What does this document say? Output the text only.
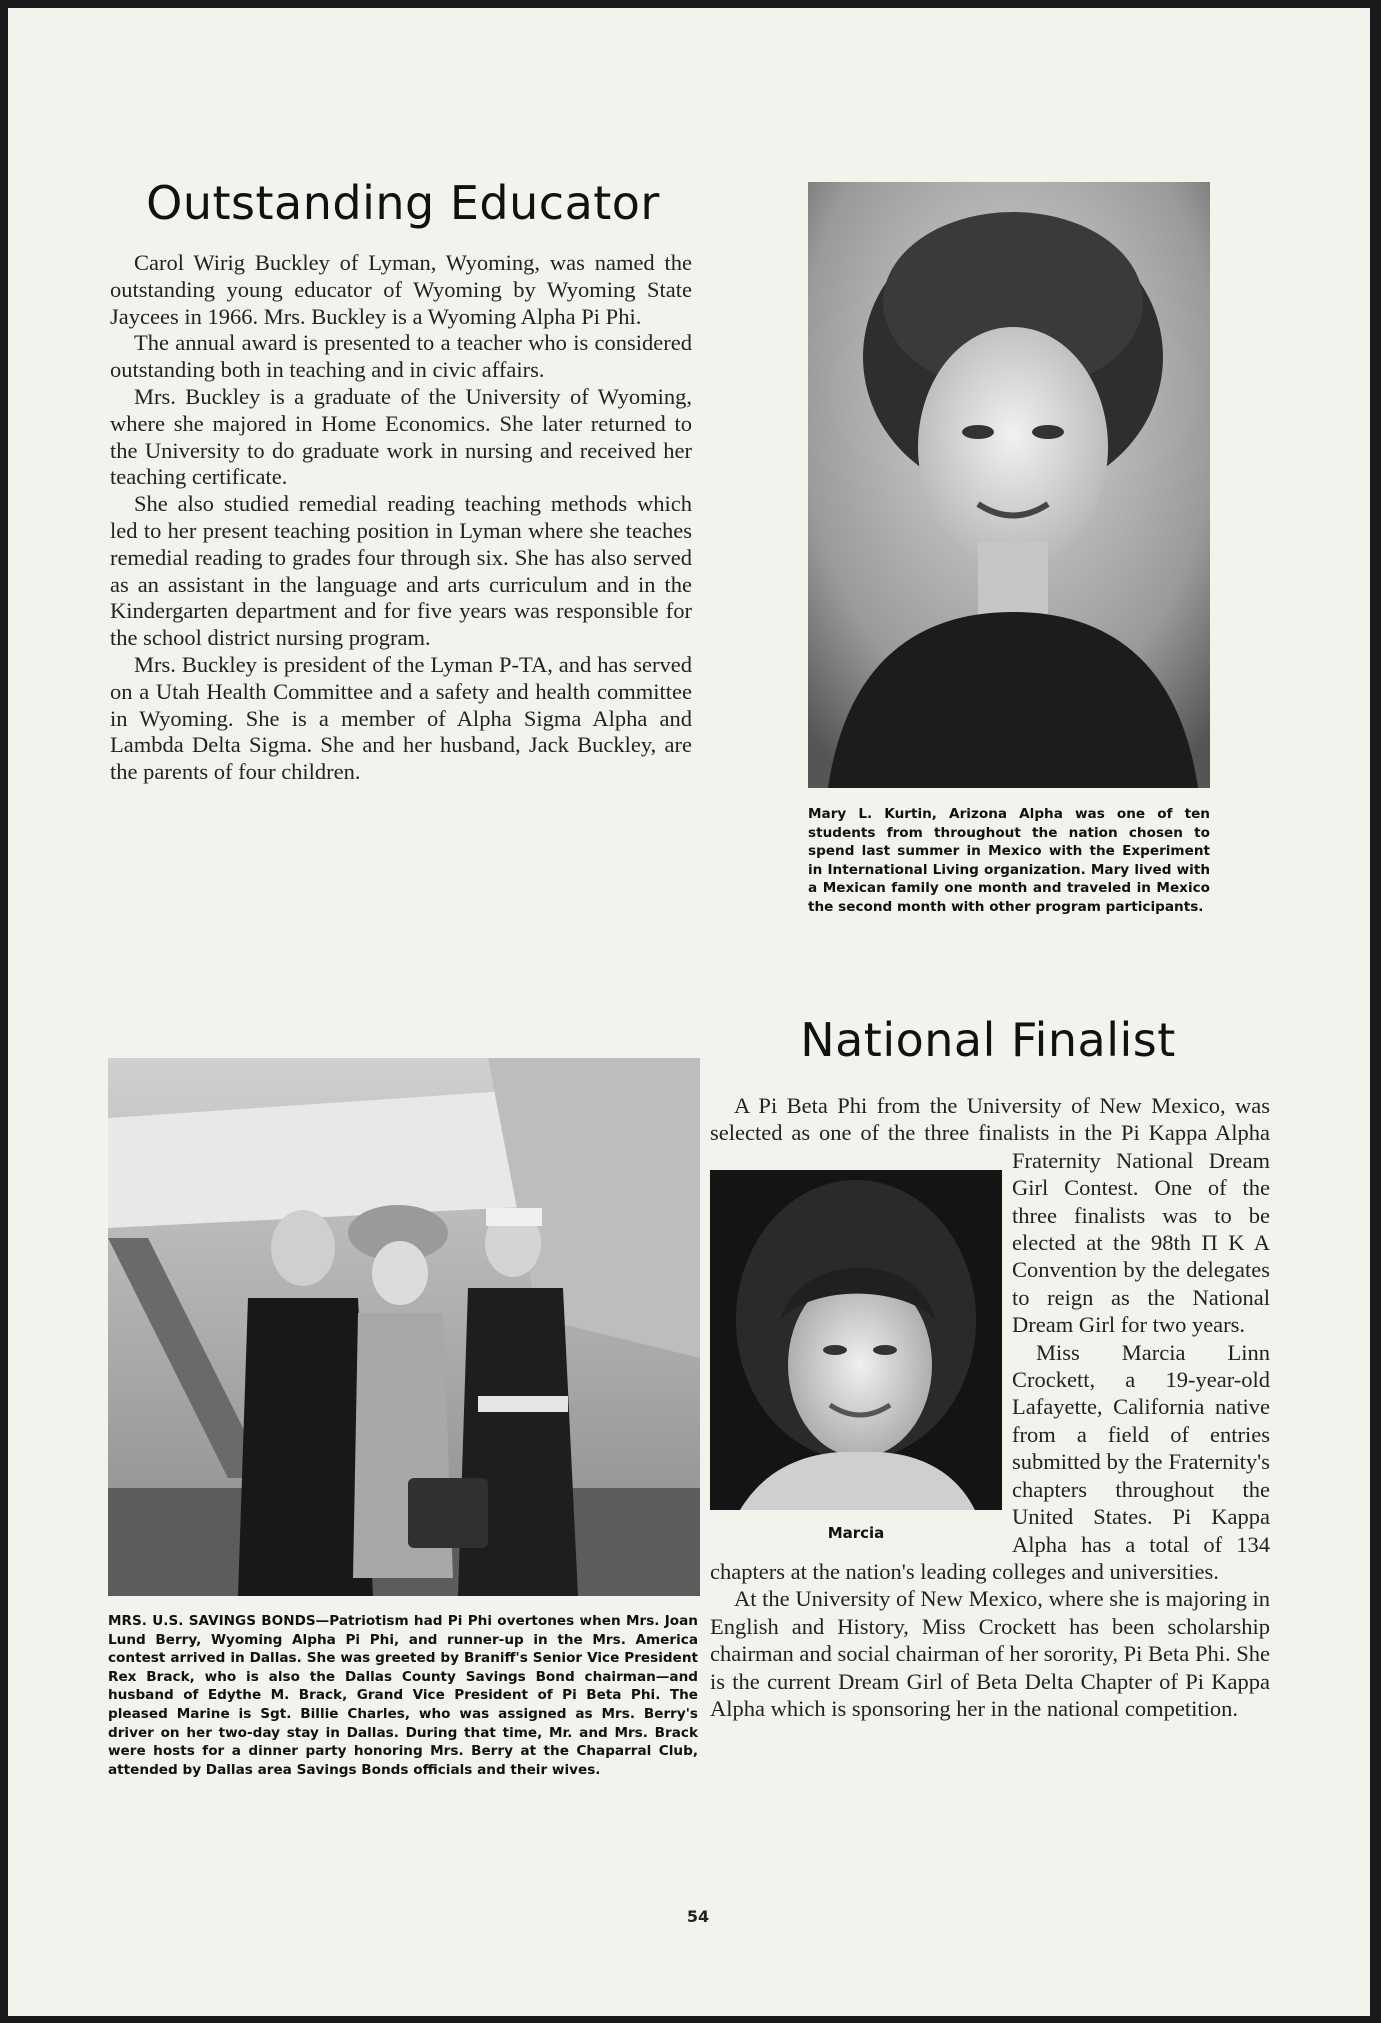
Outstanding Educator

Carol Wirig Buckley of Lyman, Wyoming, was named the outstanding young educator of Wyoming by Wyoming State Jaycees in 1966. Mrs. Buckley is a Wyoming Alpha Pi Phi.

The annual award is presented to a teacher who is considered outstanding both in teaching and in civic affairs.

Mrs. Buckley is a graduate of the University of Wyoming, where she majored in Home Economics. She later returned to the University to do graduate work in nursing and received her teaching certificate.

She also studied remedial reading teaching methods which led to her present teaching position in Lyman where she teaches remedial reading to grades four through six. She has also served as an assistant in the language and arts curriculum and in the Kindergarten department and for five years was responsible for the school district nursing program.

Mrs. Buckley is president of the Lyman P-TA, and has served on a Utah Health Committee and a safety and health committee in Wyoming. She is a member of Alpha Sigma Alpha and Lambda Delta Sigma. She and her husband, Jack Buckley, are the parents of four children.

Mary L. Kurtin, Arizona Alpha was one of ten students from throughout the nation chosen to spend last summer in Mexico with the Experiment in International Living organization. Mary lived with a Mexican family one month and traveled in Mexico the second month with other program participants.
National Finalist
MRS. U.S. SAVINGS BONDS—Patriotism had Pi Phi overtones when Mrs. Joan Lund Berry, Wyoming Alpha Pi Phi, and runner-up in the Mrs. America contest arrived in Dallas. She was greeted by Braniff's Senior Vice President Rex Brack, who is also the Dallas County Savings Bond chairman—and husband of Edythe M. Brack, Grand Vice President of Pi Beta Phi. The pleased Marine is Sgt. Billie Charles, who was assigned as Mrs. Berry's driver on her two-day stay in Dallas. During that time, Mr. and Mrs. Brack were hosts for a dinner party honoring Mrs. Berry at the Chaparral Club, attended by Dallas area Savings Bonds officials and their wives.
Marcia

A Pi Beta Phi from the University of New Mexico, was selected as one of the three finalists in the Pi Kappa Alpha Fraternity National Dream Girl Contest. One of the three finalists was to be elected at the 98th Π Κ Α Convention by the delegates to reign as the National Dream Girl for two years.

Miss Marcia Linn Crockett, a 19-year-old Lafayette, California native from a field of entries submitted by the Fraternity's chapters throughout the United States. Pi Kappa Alpha has a total of 134 chapters at the nation's leading colleges and universities.

At the University of New Mexico, where she is majoring in English and History, Miss Crockett has been scholarship chairman and social chairman of her sorority, Pi Beta Phi. She is the current Dream Girl of Beta Delta Chapter of Pi Kappa Alpha which is sponsoring her in the national competition.

54
